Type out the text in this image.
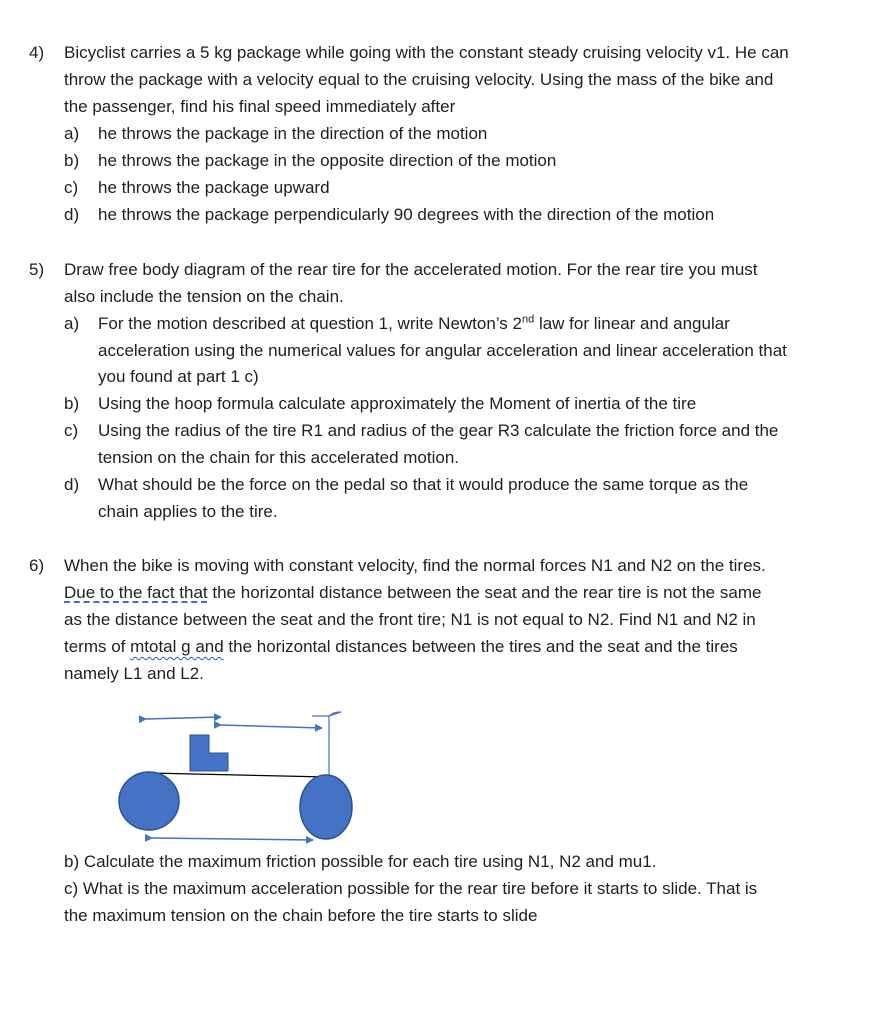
4) Bicyclist carries a 5 kg package while going with the constant steady cruising velocity v1. He can
throw the package with a velocity equal to the cruising velocity. Using the mass of the bike and
the passenger, find his final speed immediately after
a) he throws the package in the direction of the motion
b) he throws the package in the opposite direction of the motion
c) he throws the package upward
d) he throws the package perpendicularly 90 degrees with the direction of the motion
5) Draw free body diagram of the rear tire for the accelerated motion. For the rear tire you must
also include the tension on the chain.
a) For the motion described at question 1, write Newton’s 2nd law for linear and angular
acceleration using the numerical values for angular acceleration and linear acceleration that
you found at part 1 c)
b) Using the hoop formula calculate approximately the Moment of inertia of the tire
c) Using the radius of the tire R1 and radius of the gear R3 calculate the friction force and the
tension on the chain for this accelerated motion.
d) What should be the force on the pedal so that it would produce the same torque as the
chain applies to the tire.
6) When the bike is moving with constant velocity, find the normal forces N1 and N2 on the tires.
Due to the fact that the horizontal distance between the seat and the rear tire is not the same
as the distance between the seat and the front tire; N1 is not equal to N2. Find N1 and N2 in
terms of mtotal g and the horizontal distances between the tires and the seat and the tires
namely L1 and L2.
b) Calculate the maximum friction possible for each tire using N1, N2 and mu1.
c) What is the maximum acceleration possible for the rear tire before it starts to slide. That is
the maximum tension on the chain before the tire starts to slide
